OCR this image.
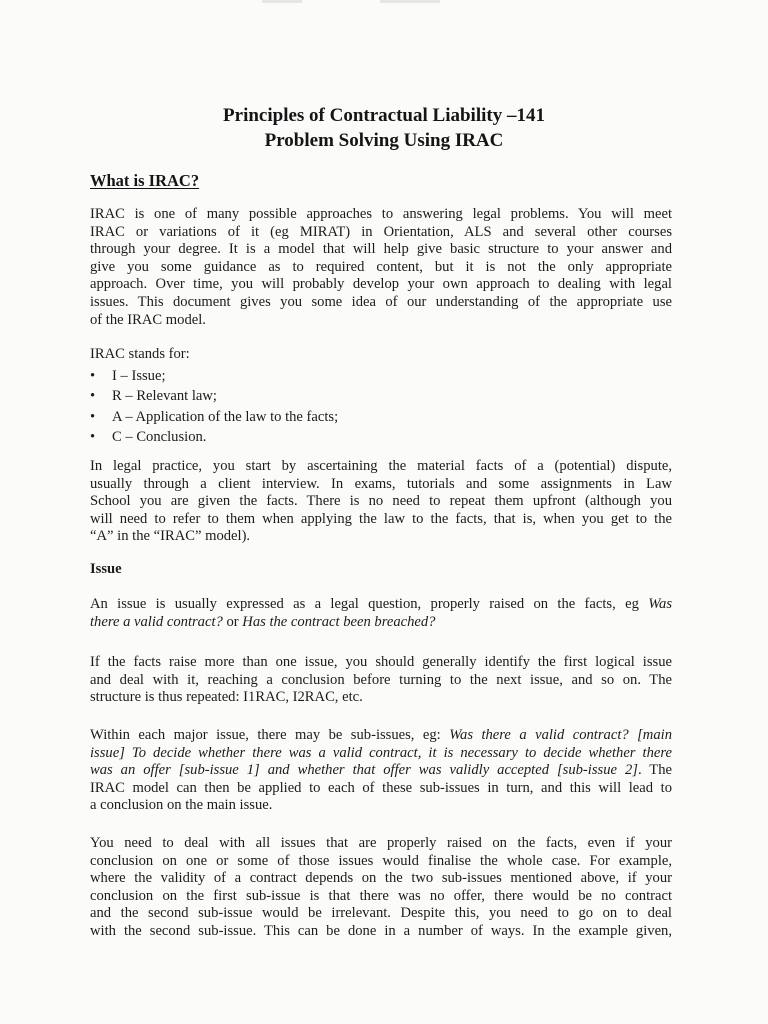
Principles of Contractual Liability –141
Problem Solving Using IRAC
What is IRAC?
IRAC is one of many possible approaches to answering legal problems. You will meet
IRAC or variations of it (eg MIRAT) in Orientation, ALS and several other courses
through your degree. It is a model that will help give basic structure to your answer and
give you some guidance as to required content, but it is not the only appropriate
approach. Over time, you will probably develop your own approach to dealing with legal
issues. This document gives you some idea of our understanding of the appropriate use
of the IRAC model.
IRAC stands for:
• I – Issue;
• R – Relevant law;
• A – Application of the law to the facts;
• C – Conclusion.
In legal practice, you start by ascertaining the material facts of a (potential) dispute,
usually through a client interview. In exams, tutorials and some assignments in Law
School you are given the facts. There is no need to repeat them upfront (although you
will need to refer to them when applying the law to the facts, that is, when you get to the
“A” in the “IRAC” model).
Issue
An issue is usually expressed as a legal question, properly raised on the facts, eg Was
there a valid contract? or Has the contract been breached?
If the facts raise more than one issue, you should generally identify the first logical issue
and deal with it, reaching a conclusion before turning to the next issue, and so on. The
structure is thus repeated: I1RAC, I2RAC, etc.
Within each major issue, there may be sub-issues, eg: Was there a valid contract? [main
issue] To decide whether there was a valid contract, it is necessary to decide whether there
was an offer [sub-issue 1] and whether that offer was validly accepted [sub-issue 2]. The
IRAC model can then be applied to each of these sub-issues in turn, and this will lead to
a conclusion on the main issue.
You need to deal with all issues that are properly raised on the facts, even if your
conclusion on one or some of those issues would finalise the whole case. For example,
where the validity of a contract depends on the two sub-issues mentioned above, if your
conclusion on the first sub-issue is that there was no offer, there would be no contract
and the second sub-issue would be irrelevant. Despite this, you need to go on to deal
with the second sub-issue. This can be done in a number of ways. In the example given,
